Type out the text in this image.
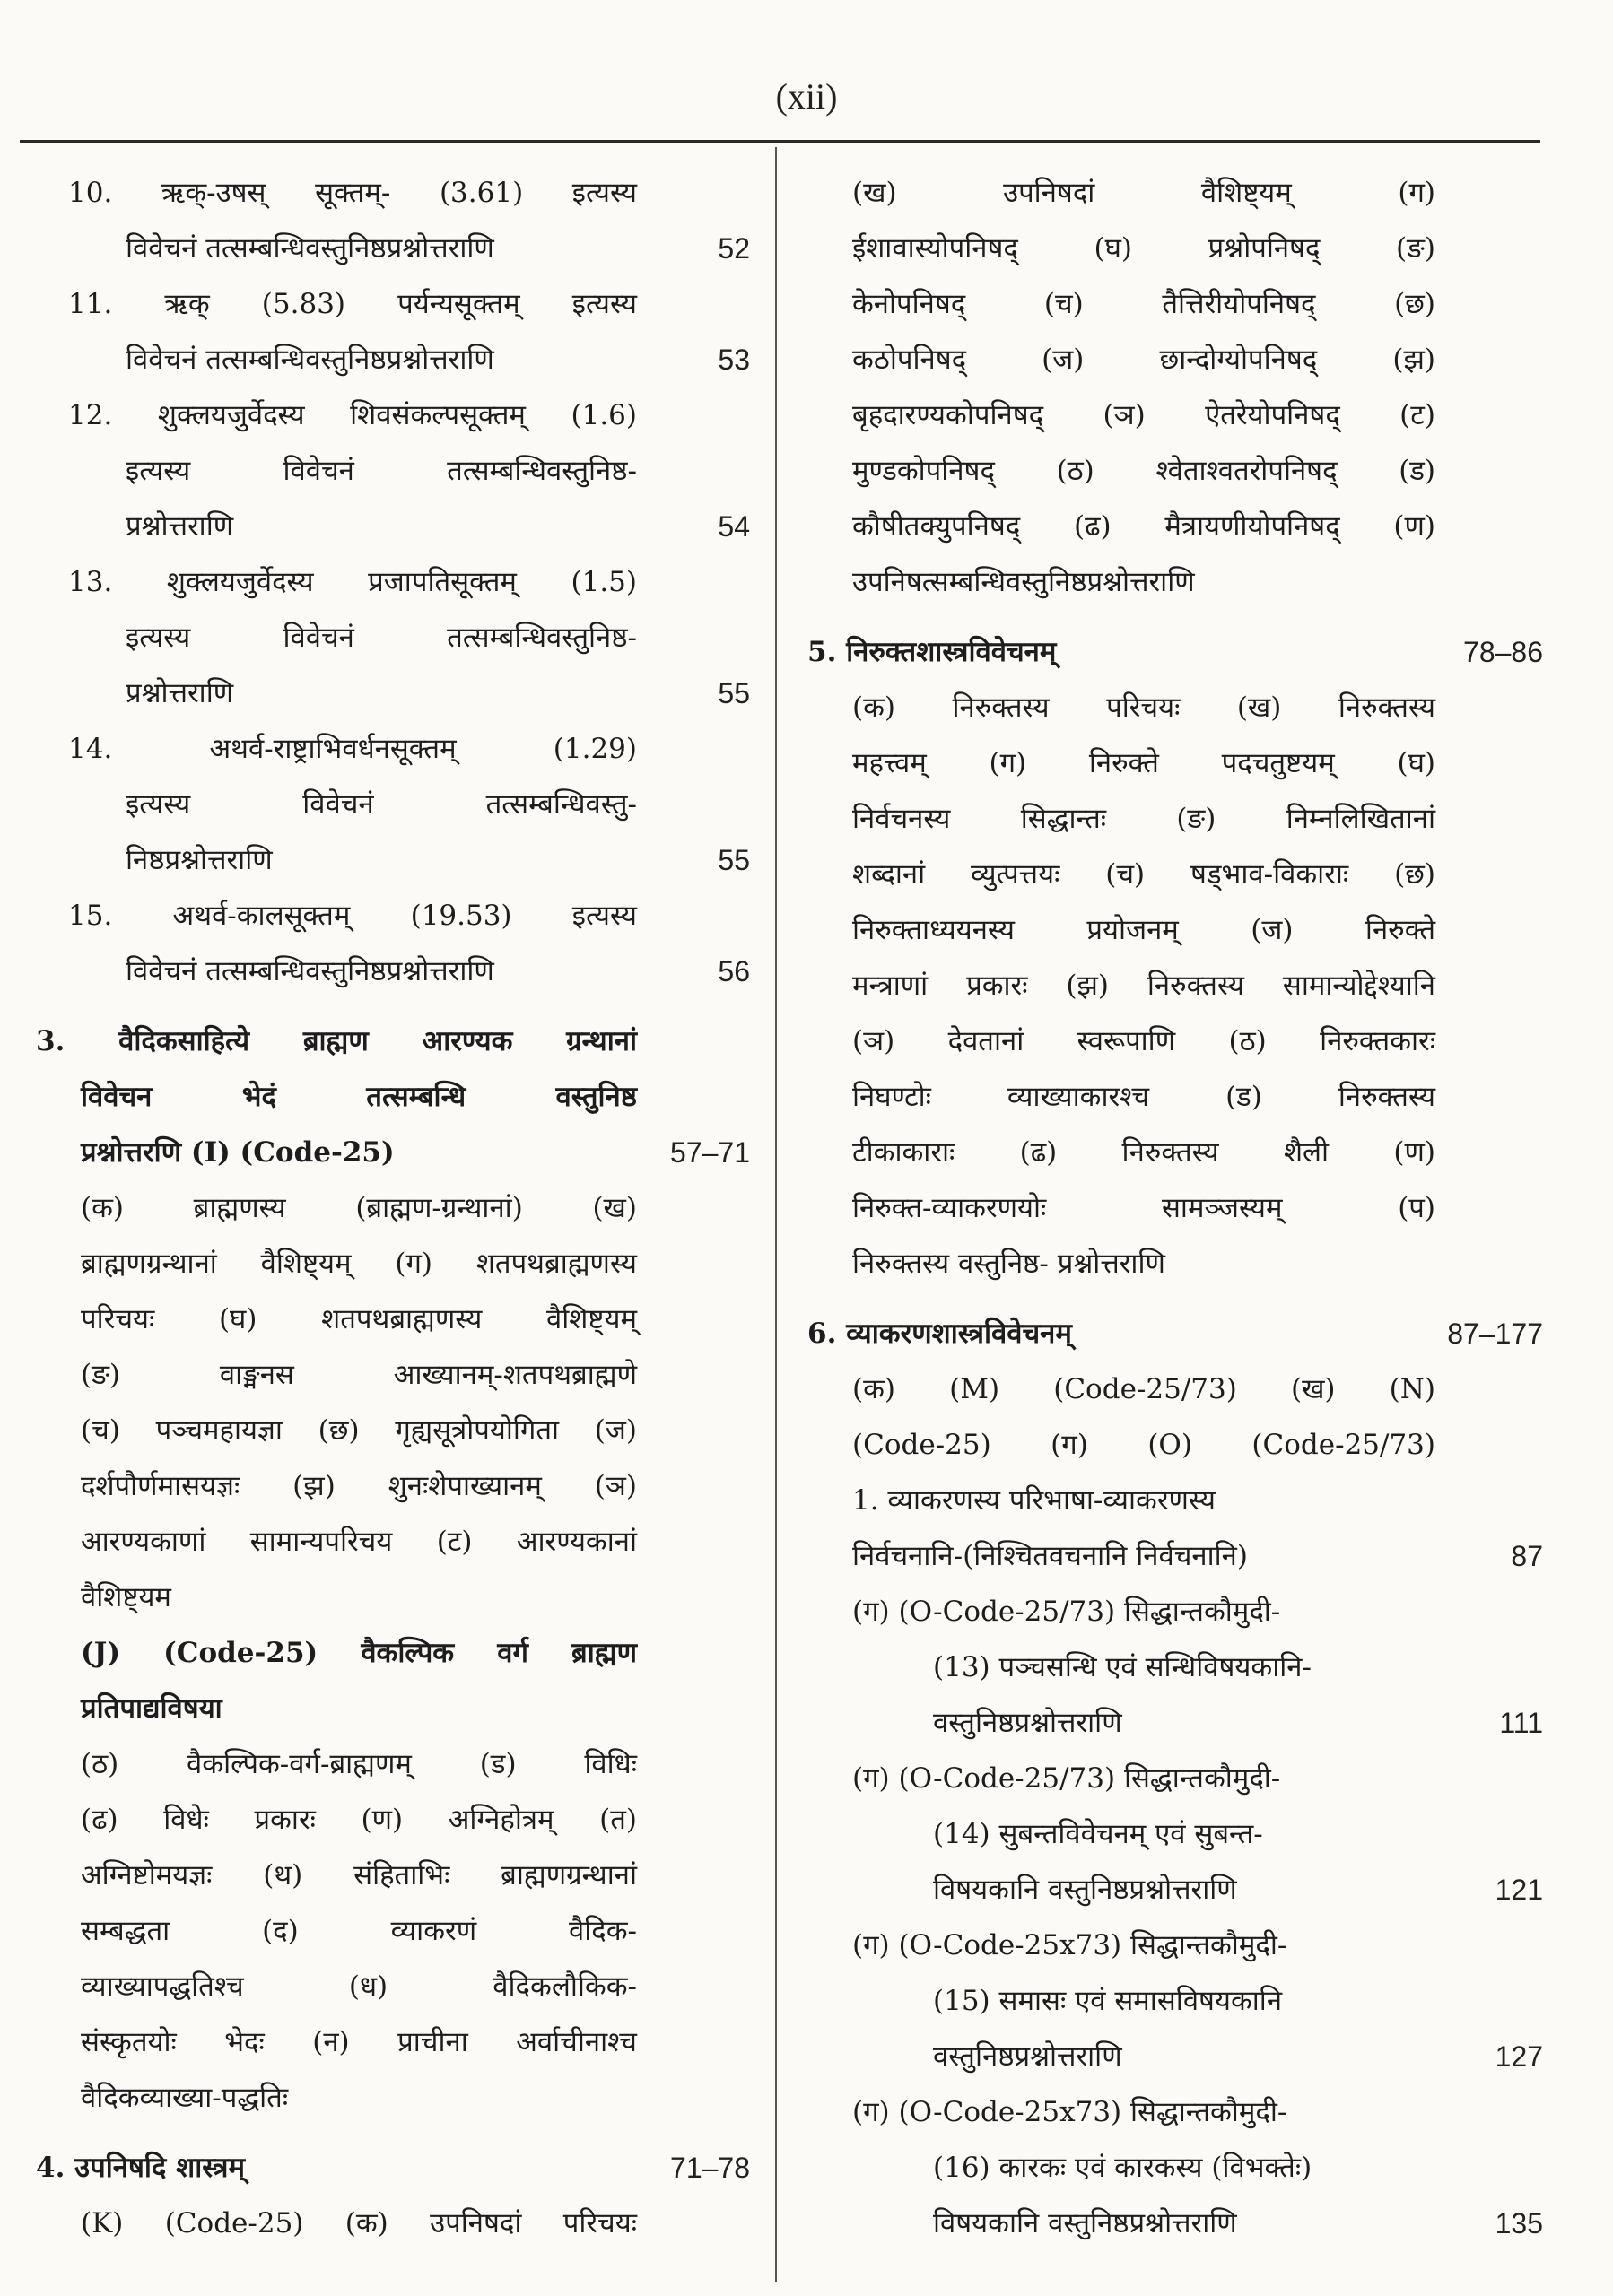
(xii)
10. ऋक्-उषस् सूक्तम्- (3.61) इत्यस्य
विवेचनं तत्सम्बन्धिवस्तुनिष्ठप्रश्नोत्तराणि	52
11. ऋक् (5.83) पर्यन्यसूक्तम् इत्यस्य
विवेचनं तत्सम्बन्धिवस्तुनिष्ठप्रश्नोत्तराणि	53
12. शुक्लयजुर्वेदस्य शिवसंकल्पसूक्तम् (1.6)
इत्यस्य विवेचनं तत्सम्बन्धिवस्तुनिष्ठ-
प्रश्नोत्तराणि	54
13. शुक्लयजुर्वेदस्य प्रजापतिसूक्तम् (1.5)
इत्यस्य विवेचनं तत्सम्बन्धिवस्तुनिष्ठ-
प्रश्नोत्तराणि	55
14. अथर्व-राष्ट्राभिवर्धनसूक्तम् (1.29)
इत्यस्य विवेचनं तत्सम्बन्धिवस्तु-
निष्ठप्रश्नोत्तराणि	55
15. अथर्व-कालसूक्तम् (19.53) इत्यस्य
विवेचनं तत्सम्बन्धिवस्तुनिष्ठप्रश्नोत्तराणि	56
3. वैदिकसाहित्ये ब्राह्मण आरण्यक ग्रन्थानां
विवेचन भेदं तत्सम्बन्धि वस्तुनिष्ठ
प्रश्नोत्तरणि (I) (Code-25)	57–71
(क) ब्राह्मणस्य (ब्राह्मण-ग्रन्थानां) (ख)
ब्राह्मणग्रन्थानां वैशिष्ट्यम् (ग) शतपथब्राह्मणस्य
परिचयः (घ) शतपथब्राह्मणस्य वैशिष्ट्यम्
(ङ) वाङ्मनस आख्यानम्-शतपथब्राह्मणे
(च) पञ्चमहायज्ञा (छ) गृह्यसूत्रोपयोगिता (ज)
दर्शपौर्णमासयज्ञः (झ) शुनःशेपाख्यानम् (ञ)
आरण्यकाणां सामान्यपरिचय (ट) आरण्यकानां
वैशिष्ट्यम
(J) (Code-25) वैकल्पिक वर्ग ब्राह्मण
प्रतिपाद्यविषया
(ठ) वैकल्पिक-वर्ग-ब्राह्मणम् (ड) विधिः
(ढ) विधेः प्रकारः (ण) अग्निहोत्रम् (त)
अग्निष्टोमयज्ञः (थ) संहिताभिः ब्राह्मणग्रन्थानां
सम्बद्धता (द) व्याकरणं वैदिक-
व्याख्यापद्धतिश्च (ध) वैदिकलौकिक-
संस्कृतयोः भेदः (न) प्राचीना अर्वाचीनाश्च
वैदिकव्याख्या-पद्धतिः
4. उपनिषदि शास्त्रम्	71–78
(K) (Code-25) (क) उपनिषदां परिचयः
(ख) उपनिषदां वैशिष्ट्यम् (ग)
ईशावास्योपनिषद् (घ) प्रश्नोपनिषद् (ङ)
केनोपनिषद् (च) तैत्तिरीयोपनिषद् (छ)
कठोपनिषद् (ज) छान्दोग्योपनिषद् (झ)
बृहदारण्यकोपनिषद् (ञ) ऐतरेयोपनिषद् (ट)
मुण्डकोपनिषद् (ठ) श्वेताश्वतरोपनिषद् (ड)
कौषीतक्युपनिषद् (ढ) मैत्रायणीयोपनिषद् (ण)
उपनिषत्सम्बन्धिवस्तुनिष्ठप्रश्नोत्तराणि
5. निरुक्तशास्त्रविवेचनम्	78–86
(क) निरुक्तस्य परिचयः (ख) निरुक्तस्य
महत्त्वम् (ग) निरुक्ते पदचतुष्टयम् (घ)
निर्वचनस्य सिद्धान्तः (ङ) निम्नलिखितानां
शब्दानां व्युत्पत्तयः (च) षड्भाव-विकाराः (छ)
निरुक्ताध्ययनस्य प्रयोजनम् (ज) निरुक्ते
मन्त्राणां प्रकारः (झ) निरुक्तस्य सामान्योद्देश्यानि
(ञ) देवतानां स्वरूपाणि (ठ) निरुक्तकारः
निघण्टोः व्याख्याकारश्च (ड) निरुक्तस्य
टीकाकाराः (ढ) निरुक्तस्य शैली (ण)
निरुक्त-व्याकरणयोः सामञ्जस्यम् (प)
निरुक्तस्य वस्तुनिष्ठ- प्रश्नोत्तराणि
6. व्याकरणशास्त्रविवेचनम्	87–177
(क) (M) (Code-25/73) (ख) (N)
(Code-25) (ग) (O) (Code-25/73)
1. व्याकरणस्य परिभाषा-व्याकरणस्य
निर्वचनानि-(निश्चितवचनानि निर्वचनानि)	87
(ग) (O-Code-25/73) सिद्धान्तकौमुदी-
(13) पञ्चसन्धि एवं सन्धिविषयकानि-
वस्तुनिष्ठप्रश्नोत्तराणि	111
(ग) (O-Code-25/73) सिद्धान्तकौमुदी-
(14) सुबन्तविवेचनम् एवं सुबन्त-
विषयकानि वस्तुनिष्ठप्रश्नोत्तराणि	121
(ग) (O-Code-25x73) सिद्धान्तकौमुदी-
(15) समासः एवं समासविषयकानि
वस्तुनिष्ठप्रश्नोत्तराणि	127
(ग) (O-Code-25x73) सिद्धान्तकौमुदी-
(16) कारकः एवं कारकस्य (विभक्तेः)
विषयकानि वस्तुनिष्ठप्रश्नोत्तराणि	135
